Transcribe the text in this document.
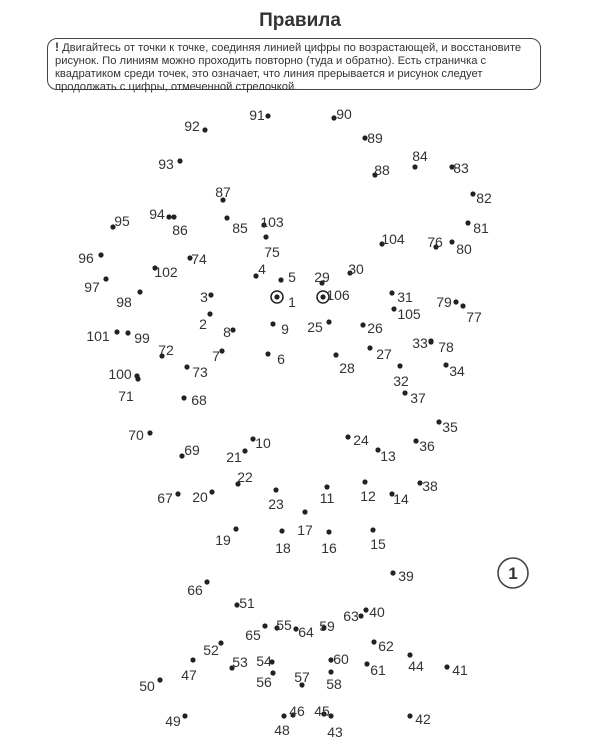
Правила
! Двигайтесь от точки к точке, соединяя линией цифры по возрастающей, и восстановите рисунок. По линиям можно проходить повторно (туда и обратно). Есть страничка с квадратиком среди точек, это означает, что линия прерывается и рисунок следует продолжать с цифры, отмеченной стрелочкой.
1
1
2
3
4 5
6
7
8	9
10
11 12
13
14
15
16
17
18
19
20
21
22
23
24
25	26
27
28
29 30
31
32
33
34
35
36
37
38
39
40
41
42
43
44
45
46
47
48
49
50
51
52
53 54
55
56 57 58
59
60
61
62
63
64
65
66
67
68
69
70
71
72
73
74	75
76
77
78
79
80
81
82
83
84
85
86
87
88
89
90
91
92
93
94
95
96
97
98
99
100
101
102
103
104
105
106
